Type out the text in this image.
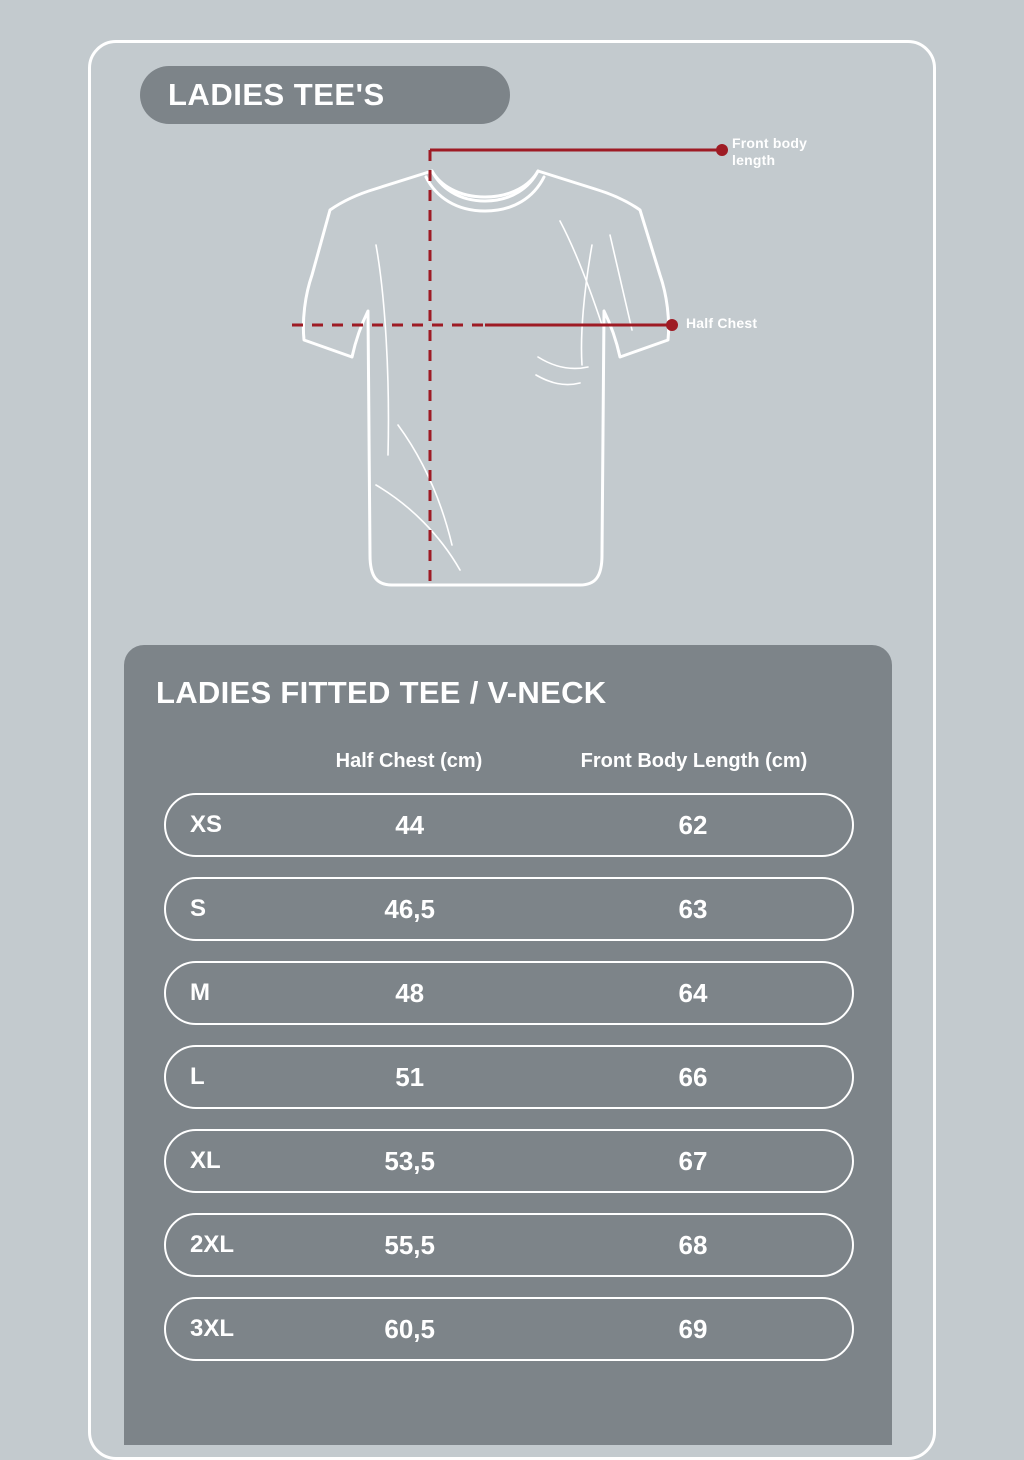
LADIES TEE'S
Front body length
Half Chest
LADIES FITTED TEE / V-NECK
Half Chest (cm)	Front Body Length (cm)
XS	44	62
S	46,5	63
M	48	64
L	51	66
XL	53,5	67
2XL	55,5	68
3XL	60,5	69
